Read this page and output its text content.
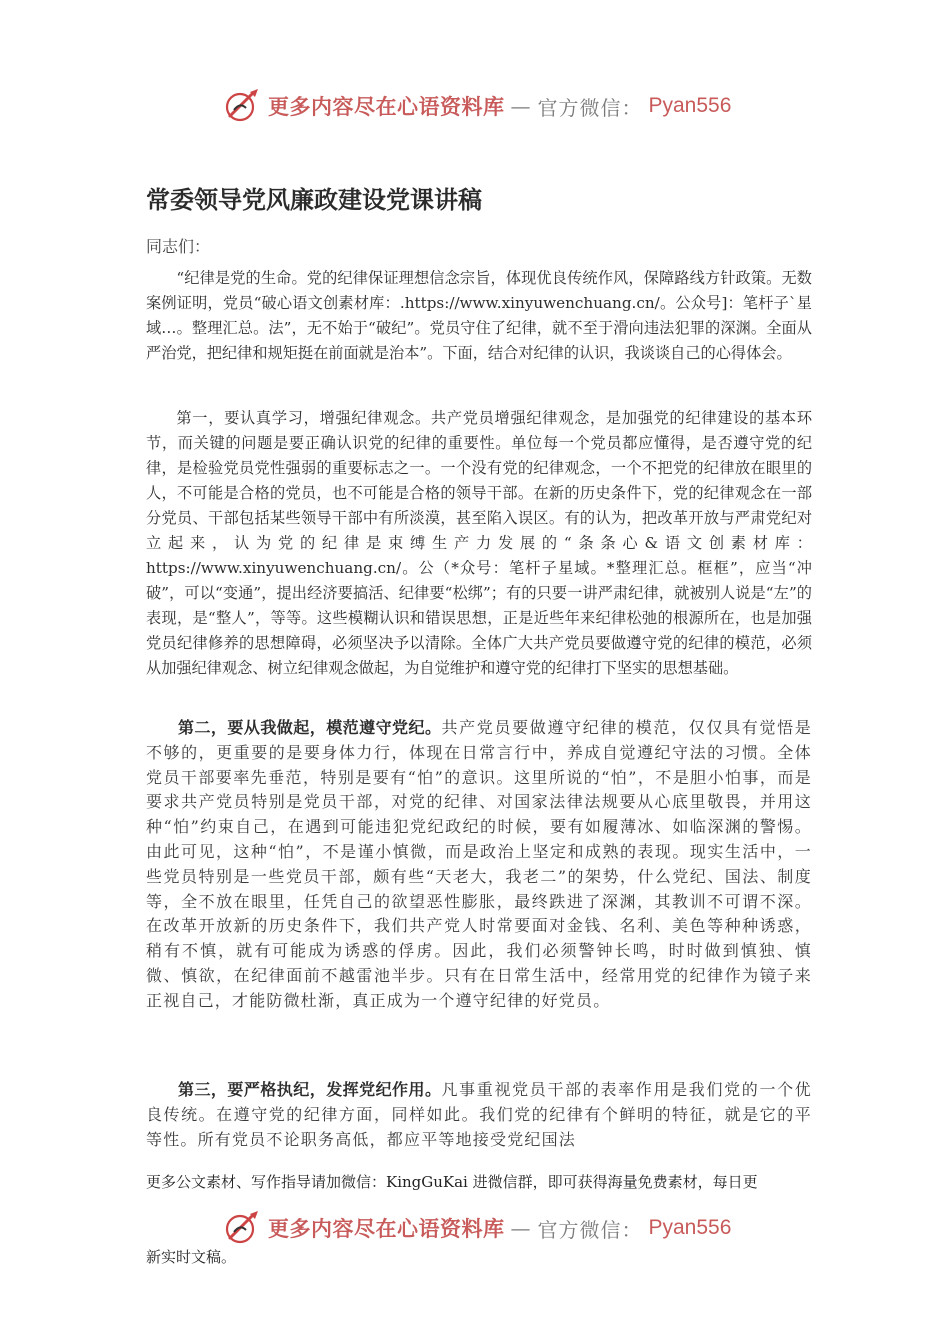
更多内容尽在心语资料库 — 官方微信： Pyan556
常委领导党风廉政建设党课讲稿

同志们：

“纪律是党的生命。党的纪律保证理想信念宗旨，体现优良传统作风，保障路线方针政策。无数案例证明，党员“破心语文创素材库：.https://www.xinyuwenchuang.cn/。公众号]：笔杆子`星域…。整理汇总。法”，无不始于“破纪”。党员守住了纪律，就不至于滑向违法犯罪的深渊。全面从严治党，把纪律和规矩挺在前面就是治本”。下面，结合对纪律的认识，我谈谈自己的心得体会。

第一，要认真学习，增强纪律观念。共产党员增强纪律观念，是加强党的纪律建设的基本环节，而关键的问题是要正确认识党的纪律的重要性。单位每一个党员都应懂得，是否遵守党的纪律，是检验党员党性强弱的重要标志之一。一个没有党的纪律观念，一个不把党的纪律放在眼里的人，不可能是合格的党员，也不可能是合格的领导干部。在新的历史条件下，党的纪律观念在一部分党员、干部包括某些领导干部中有所淡漠，甚至陷入误区。有的认为，把改革开放与严肃党纪对立起来，认为党的纪律是束缚生产力发展的“条条心&语文创素材库：https://www.xinyuwenchuang.cn/。公（*众号：笔杆子星域。*整理汇总。框框”，应当“冲破”，可以“变通”，提出经济要搞活、纪律要“松绑”；有的只要一讲严肃纪律，就被别人说是“左”的表现，是“整人”，等等。这些模糊认识和错误思想，正是近些年来纪律松弛的根源所在，也是加强党员纪律修养的思想障碍，必须坚决予以清除。全体广大共产党员要做遵守党的纪律的模范，必须从加强纪律观念、树立纪律观念做起，为自觉维护和遵守党的纪律打下坚实的思想基础。

第二，要从我做起，模范遵守党纪。共产党员要做遵守纪律的模范，仅仅具有觉悟是不够的，更重要的是要身体力行，体现在日常言行中，养成自觉遵纪守法的习惯。全体党员干部要率先垂范，特别是要有“怕”的意识。这里所说的“怕”，不是胆小怕事，而是要求共产党员特别是党员干部，对党的纪律、对国家法律法规要从心底里敬畏，并用这种“怕”约束自己，在遇到可能违犯党纪政纪的时候，要有如履薄冰、如临深渊的警惕。由此可见，这种“怕”，不是谨小慎微，而是政治上坚定和成熟的表现。现实生活中，一些党员特别是一些党员干部，颇有些“天老大，我老二”的架势，什么党纪、国法、制度等，全不放在眼里，任凭自己的欲望恶性膨胀，最终跌进了深渊，其教训不可谓不深。在改革开放新的历史条件下，我们共产党人时常要面对金钱、名利、美色等种种诱惑，稍有不慎，就有可能成为诱惑的俘虏。因此，我们必须警钟长鸣，时时做到慎独、慎微、慎欲，在纪律面前不越雷池半步。只有在日常生活中，经常用党的纪律作为镜子来正视自己，才能防微杜渐，真正成为一个遵守纪律的好党员。

第三，要严格执纪，发挥党纪作用。凡事重视党员干部的表率作用是我们党的一个优良传统。在遵守党的纪律方面，同样如此。我们党的纪律有个鲜明的特征，就是它的平等性。所有党员不论职务高低，都应平等地接受党纪国法

更多公文素材、写作指导请加微信：KingGuKai 进微信群，即可获得海量免费素材，每日更

更多内容尽在心语资料库 — 官方微信： Pyan556

新实时文稿。
